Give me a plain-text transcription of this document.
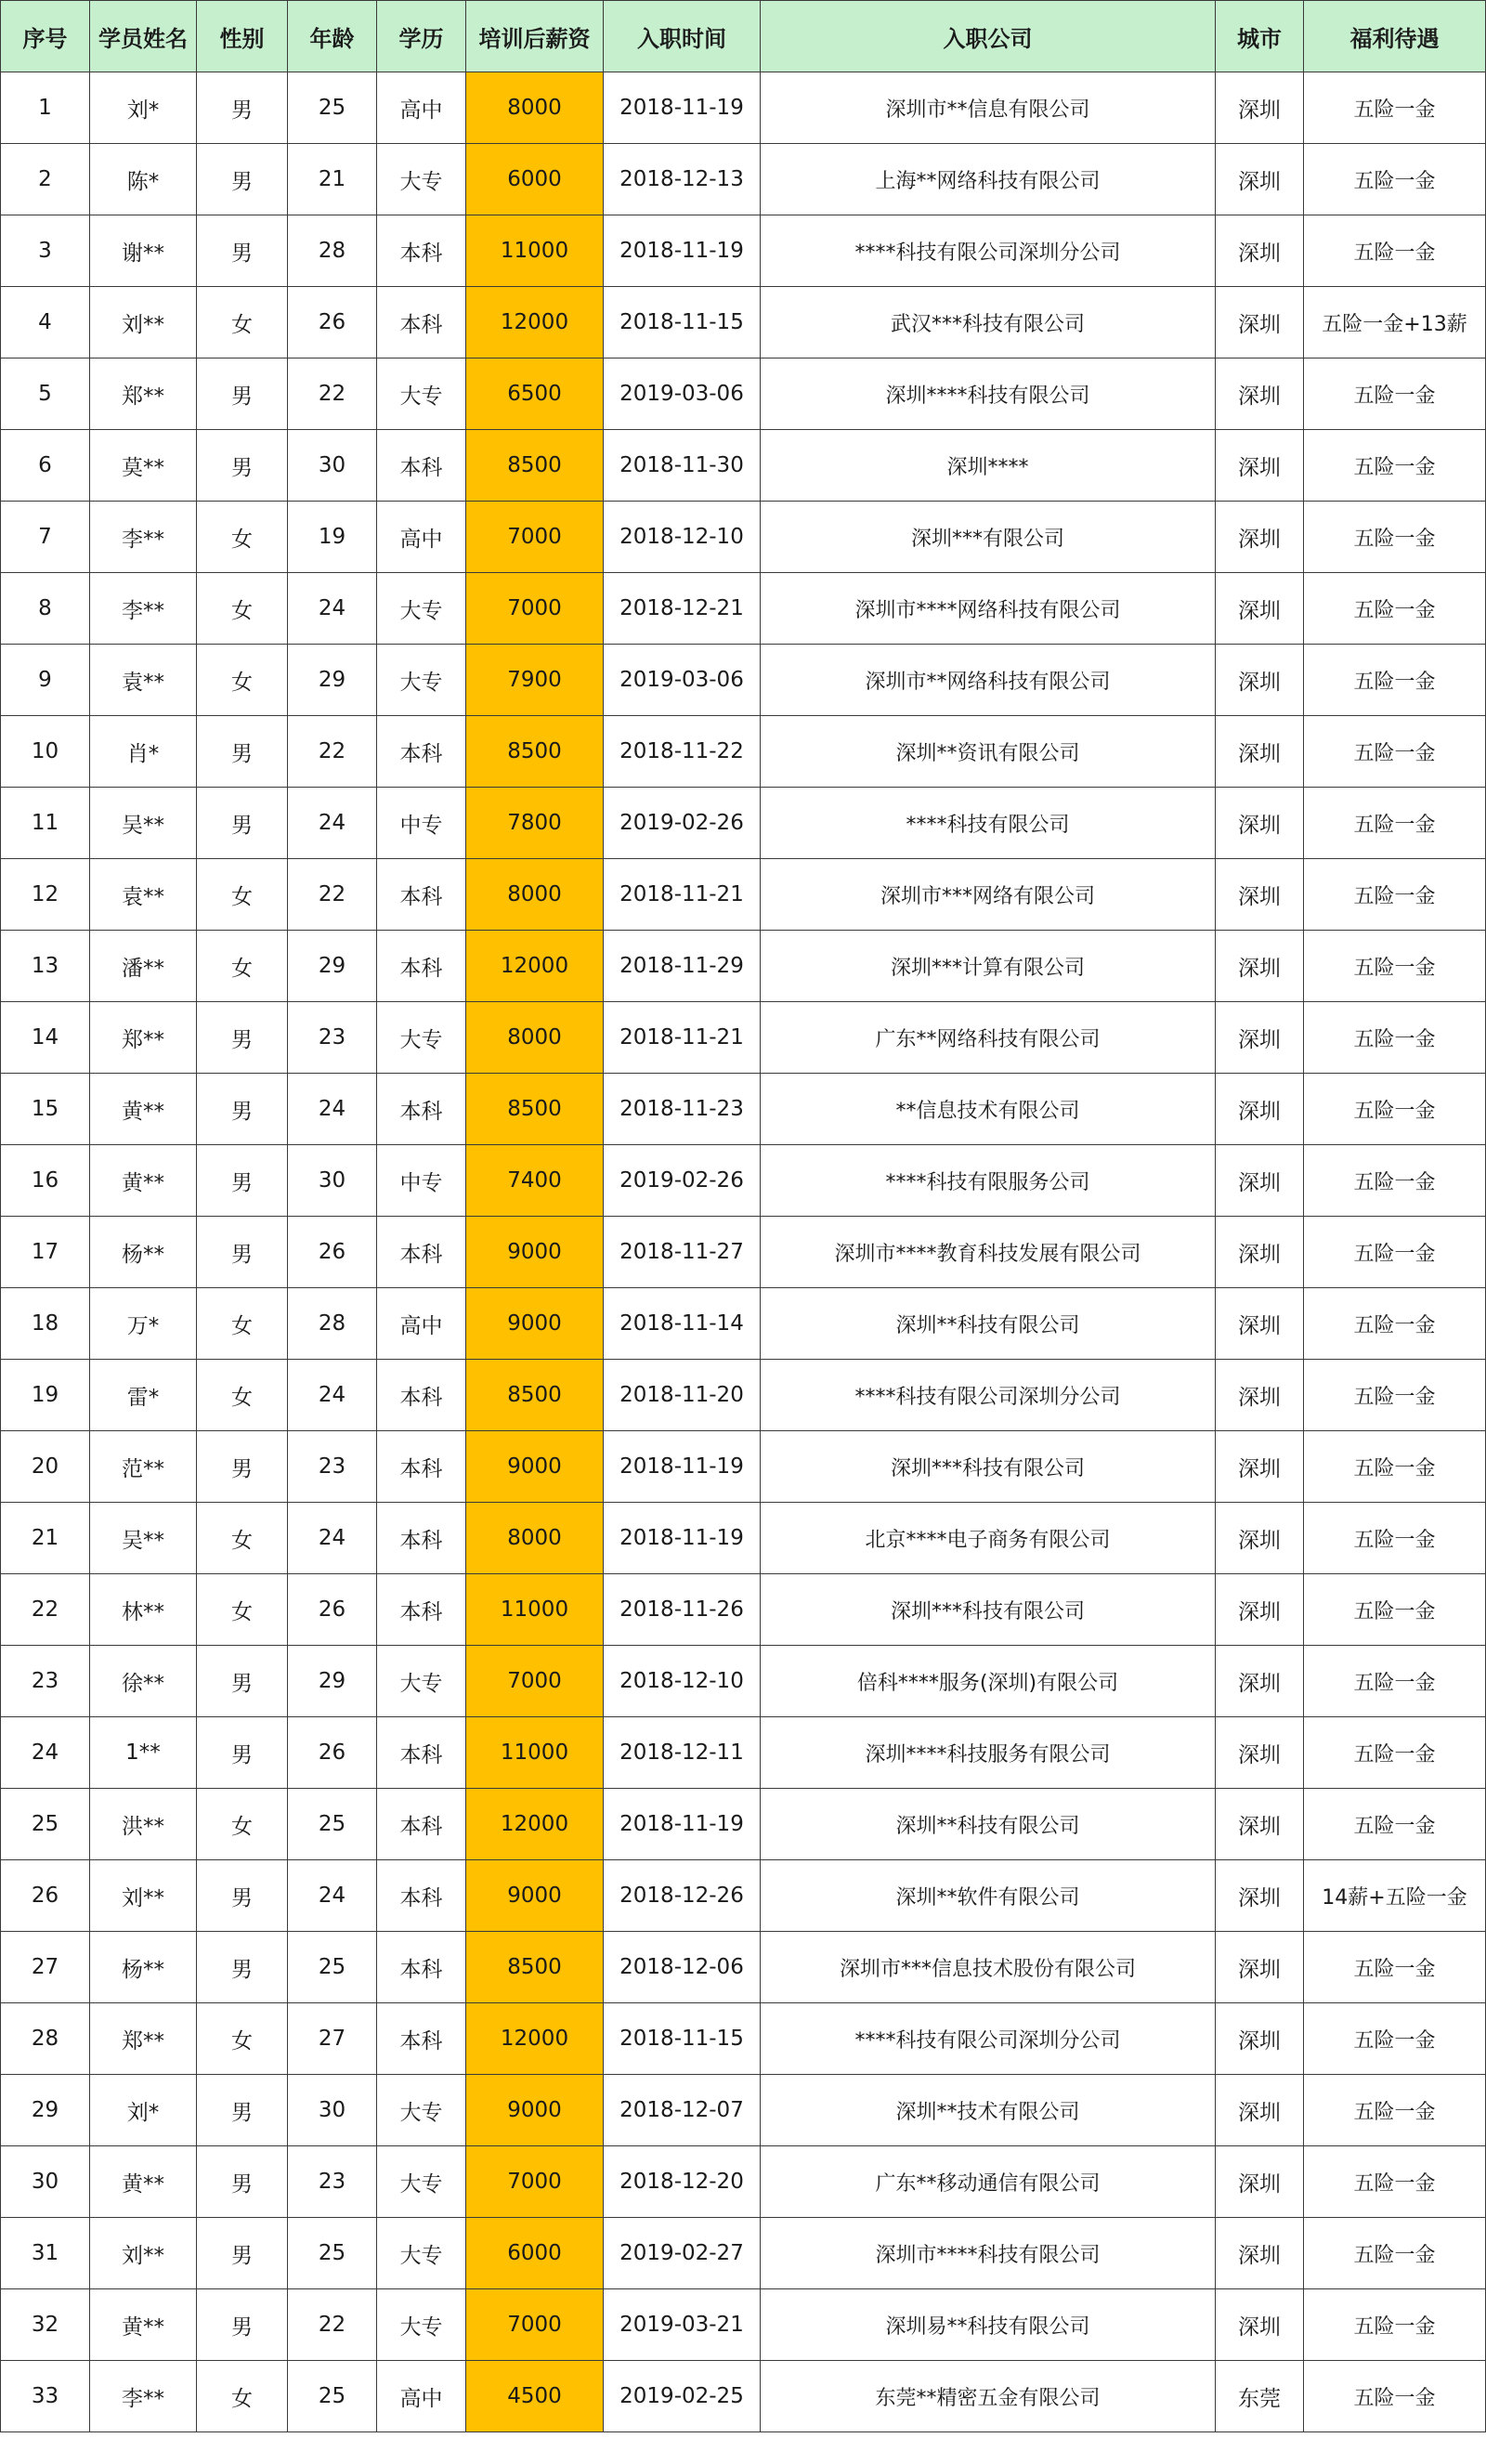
序号	学员姓名	性别	年龄	学历	培训后薪资	入职时间	入职公司	城市	福利待遇
1	刘*	男	25	高中	8000	2018-11-19	深圳市**信息有限公司	深圳	五险一金
2	陈*	男	21	大专	6000	2018-12-13	上海**网络科技有限公司	深圳	五险一金
3	谢**	男	28	本科	11000	2018-11-19	****科技有限公司深圳分公司	深圳	五险一金
4	刘**	女	26	本科	12000	2018-11-15	武汉***科技有限公司	深圳	五险一金+13薪
5	郑**	男	22	大专	6500	2019-03-06	深圳****科技有限公司	深圳	五险一金
6	莫**	男	30	本科	8500	2018-11-30	深圳****	深圳	五险一金
7	李**	女	19	高中	7000	2018-12-10	深圳***有限公司	深圳	五险一金
8	李**	女	24	大专	7000	2018-12-21	深圳市****网络科技有限公司	深圳	五险一金
9	袁**	女	29	大专	7900	2019-03-06	深圳市**网络科技有限公司	深圳	五险一金
10	肖*	男	22	本科	8500	2018-11-22	深圳**资讯有限公司	深圳	五险一金
11	吴**	男	24	中专	7800	2019-02-26	****科技有限公司	深圳	五险一金
12	袁**	女	22	本科	8000	2018-11-21	深圳市***网络有限公司	深圳	五险一金
13	潘**	女	29	本科	12000	2018-11-29	深圳***计算有限公司	深圳	五险一金
14	郑**	男	23	大专	8000	2018-11-21	广东**网络科技有限公司	深圳	五险一金
15	黄**	男	24	本科	8500	2018-11-23	**信息技术有限公司	深圳	五险一金
16	黄**	男	30	中专	7400	2019-02-26	****科技有限服务公司	深圳	五险一金
17	杨**	男	26	本科	9000	2018-11-27	深圳市****教育科技发展有限公司	深圳	五险一金
18	万*	女	28	高中	9000	2018-11-14	深圳**科技有限公司	深圳	五险一金
19	雷*	女	24	本科	8500	2018-11-20	****科技有限公司深圳分公司	深圳	五险一金
20	范**	男	23	本科	9000	2018-11-19	深圳***科技有限公司	深圳	五险一金
21	吴**	女	24	本科	8000	2018-11-19	北京****电子商务有限公司	深圳	五险一金
22	林**	女	26	本科	11000	2018-11-26	深圳***科技有限公司	深圳	五险一金
23	徐**	男	29	大专	7000	2018-12-10	倍科****服务(深圳)有限公司	深圳	五险一金
24	1**	男	26	本科	11000	2018-12-11	深圳****科技服务有限公司	深圳	五险一金
25	洪**	女	25	本科	12000	2018-11-19	深圳**科技有限公司	深圳	五险一金
26	刘**	男	24	本科	9000	2018-12-26	深圳**软件有限公司	深圳	14薪+五险一金
27	杨**	男	25	本科	8500	2018-12-06	深圳市***信息技术股份有限公司	深圳	五险一金
28	郑**	女	27	本科	12000	2018-11-15	****科技有限公司深圳分公司	深圳	五险一金
29	刘*	男	30	大专	9000	2018-12-07	深圳**技术有限公司	深圳	五险一金
30	黄**	男	23	大专	7000	2018-12-20	广东**移动通信有限公司	深圳	五险一金
31	刘**	男	25	大专	6000	2019-02-27	深圳市****科技有限公司	深圳	五险一金
32	黄**	男	22	大专	7000	2019-03-21	深圳易**科技有限公司	深圳	五险一金
33	李**	女	25	高中	4500	2019-02-25	东莞**精密五金有限公司	东莞	五险一金
